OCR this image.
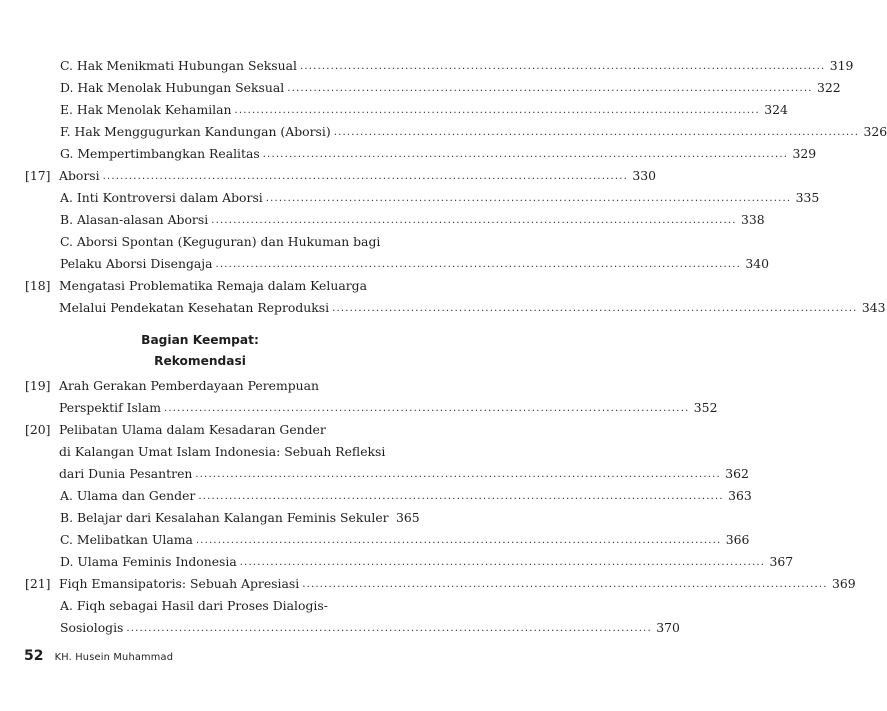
C. Hak Menikmati Hubungan Seksual ........................................................................................................................ 319
D. Hak Menolak Hubungan Seksual ........................................................................................................................ 322
E. Hak Menolak Kehamilan ........................................................................................................................ 324
F. Hak Menggugurkan Kandungan (Aborsi) ........................................................................................................................ 326
G. Mempertimbangkan Realitas ........................................................................................................................ 329
[17] Aborsi ........................................................................................................................ 330
A. Inti Kontroversi dalam Aborsi ........................................................................................................................ 335
B. Alasan-alasan Aborsi ........................................................................................................................ 338
C. Aborsi Spontan (Keguguran) dan Hukuman bagi
Pelaku Aborsi Disengaja ........................................................................................................................ 340
[18] Mengatasi Problematika Remaja dalam Keluarga
Melalui Pendekatan Kesehatan Reproduksi ........................................................................................................................ 343
[19] Arah Gerakan Pemberdayaan Perempuan
Perspektif Islam ........................................................................................................................ 352
[20] Pelibatan Ulama dalam Kesadaran Gender
di Kalangan Umat Islam Indonesia: Sebuah Refleksi
dari Dunia Pesantren ........................................................................................................................ 362
A. Ulama dan Gender ........................................................................................................................ 363
B. Belajar dari Kesalahan Kalangan Feminis Sekuler 365
C. Melibatkan Ulama ........................................................................................................................ 366
D. Ulama Feminis Indonesia ........................................................................................................................ 367
[21] Fiqh Emansipatoris: Sebuah Apresiasi ........................................................................................................................ 369
A. Fiqh sebagai Hasil dari Proses Dialogis-
Sosiologis ........................................................................................................................ 370
Bagian Keempat:
Rekomendasi
52 KH. Husein Muhammad
